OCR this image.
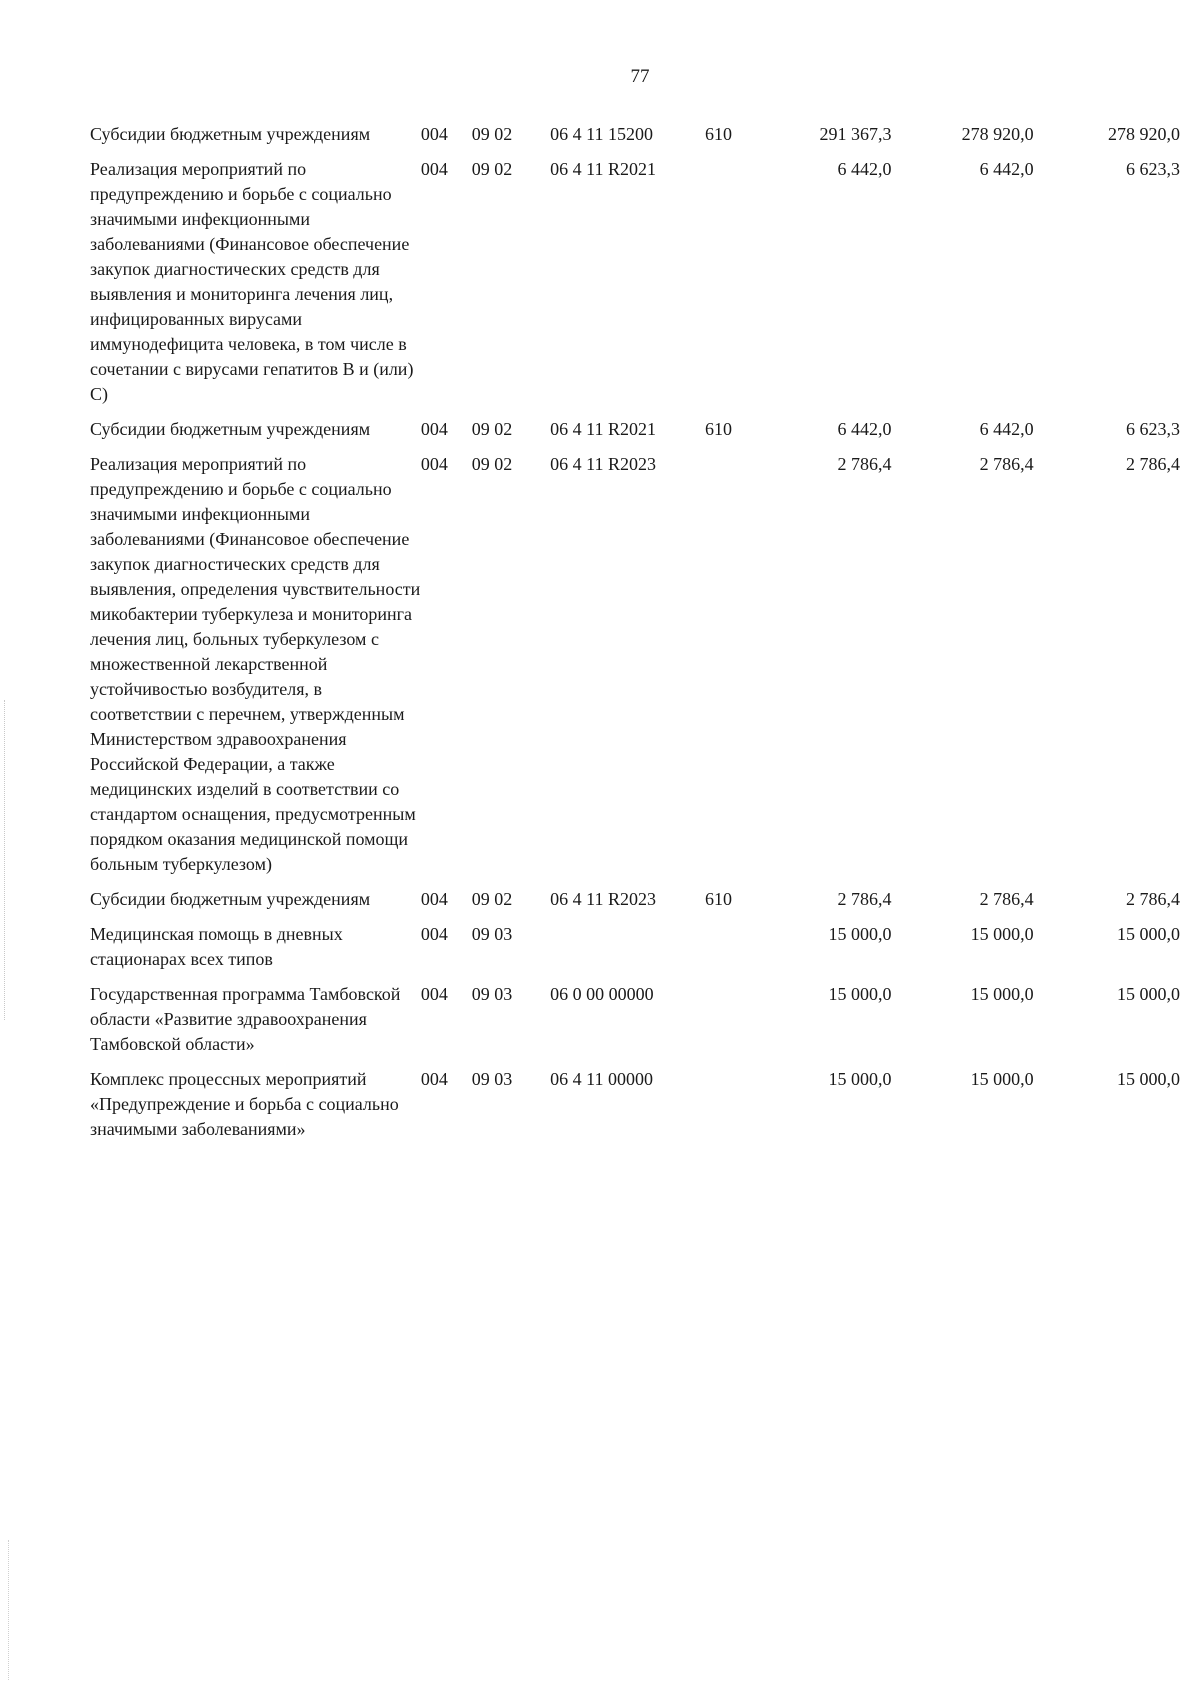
77
Субсидии бюджетным учреждениям	004	09 02	06 4 11 15200	610	291 367,3	278 920,0	278 920,0
Реализация мероприятий по предупреждению и борьбе с социально значимыми инфекционными заболеваниями (Финансовое обеспечение закупок диагностических средств для выявления и мониторинга лечения лиц, инфицированных вирусами иммунодефицита человека, в том числе в сочетании с вирусами гепатитов В и (или) С)	004	09 02	06 4 11 R2021		6 442,0	6 442,0	6 623,3
Субсидии бюджетным учреждениям	004	09 02	06 4 11 R2021	610	6 442,0	6 442,0	6 623,3
Реализация мероприятий по предупреждению и борьбе с социально значимыми инфекционными заболеваниями (Финансовое обеспечение закупок диагностических средств для выявления, определения чувствительности микобактерии туберкулеза и мониторинга лечения лиц, больных туберкулезом с множественной лекарственной устойчивостью возбудителя, в соответствии с перечнем, утвержденным Министерством здравоохранения Российской Федерации, а также медицинских изделий в соответствии со стандартом оснащения, предусмотренным порядком оказания медицинской помощи больным туберкулезом)	004	09 02	06 4 11 R2023		2 786,4	2 786,4	2 786,4
Субсидии бюджетным учреждениям	004	09 02	06 4 11 R2023	610	2 786,4	2 786,4	2 786,4
Медицинская помощь в дневных стационарах всех типов	004	09 03			15 000,0	15 000,0	15 000,0
Государственная программа Тамбовской области «Развитие здравоохранения Тамбовской области»	004	09 03	06 0 00 00000		15 000,0	15 000,0	15 000,0
Комплекс процессных мероприятий «Предупреждение и борьба с социально значимыми заболеваниями»	004	09 03	06 4 11 00000		15 000,0	15 000,0	15 000,0
